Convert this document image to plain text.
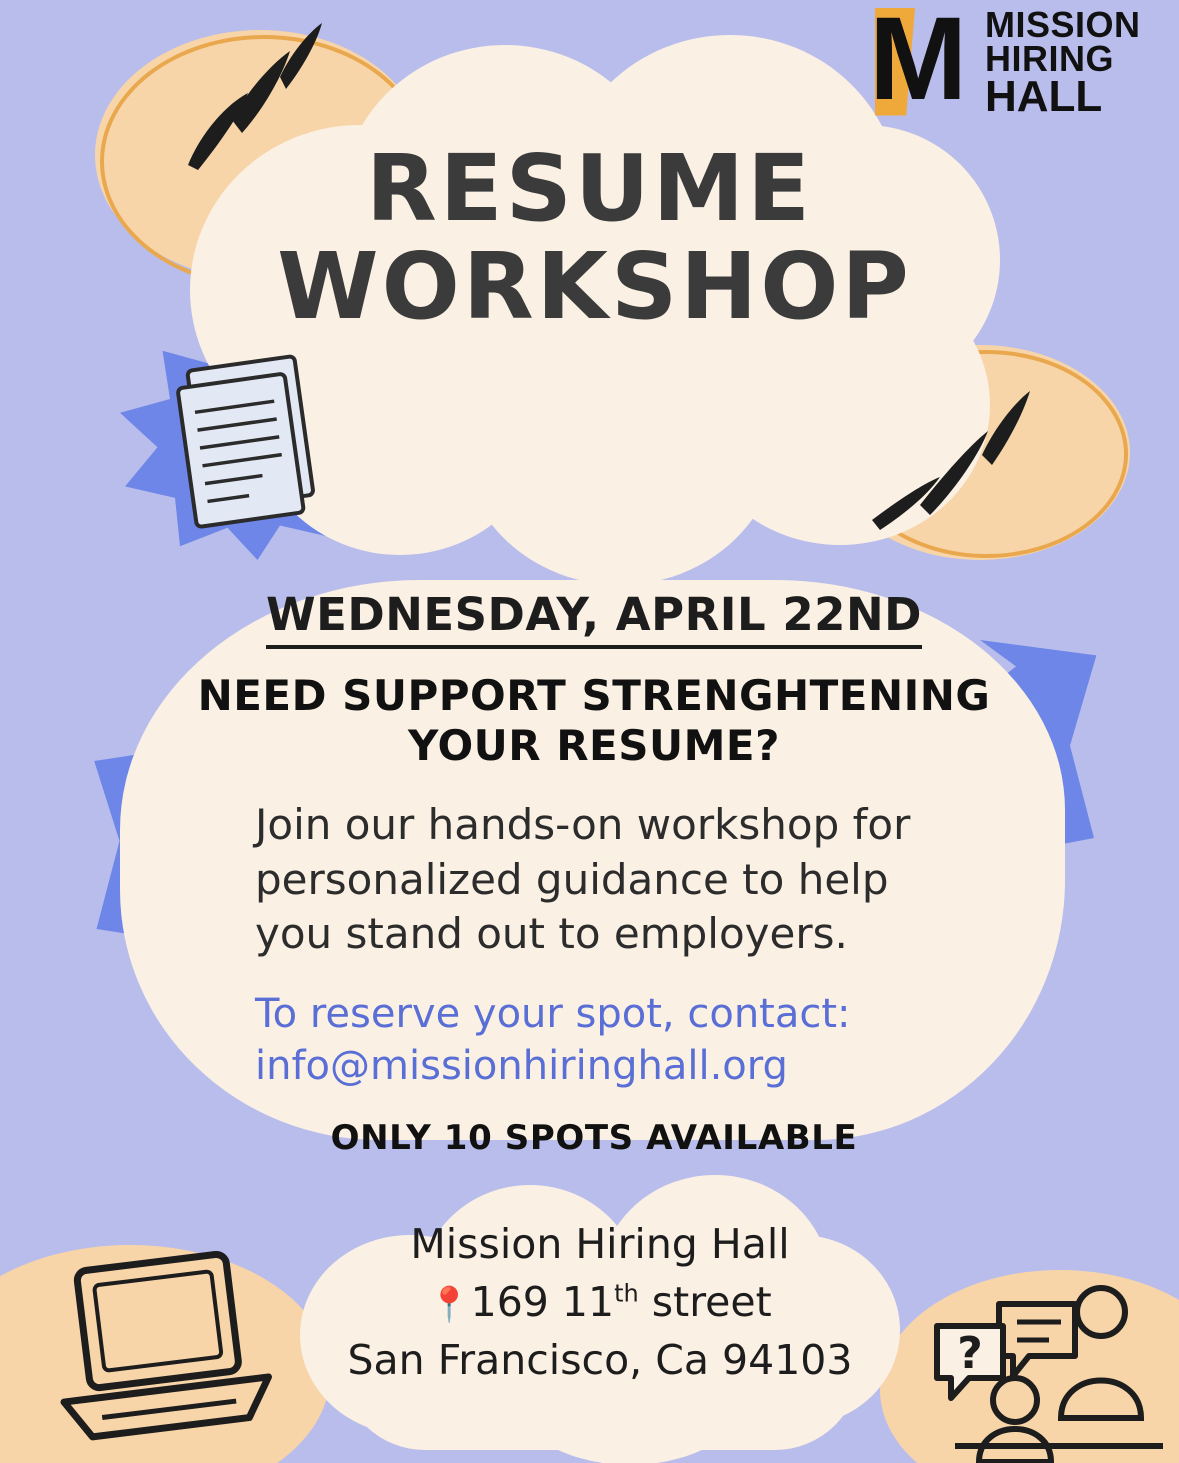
M MISSION
HIRING
HALL
?
RESUME
WORKSHOP
WEDNESDAY, APRIL 22ND
NEED SUPPORT STRENGHTENING
YOUR RESUME?
Join our hands-on workshop for personalized guidance to help you stand out to employers.
To reserve your spot, contact:
info@missionhiringhall.org
ONLY 10 SPOTS AVAILABLE
Mission Hiring Hall
📍169 11th street
San Francisco, Ca 94103
